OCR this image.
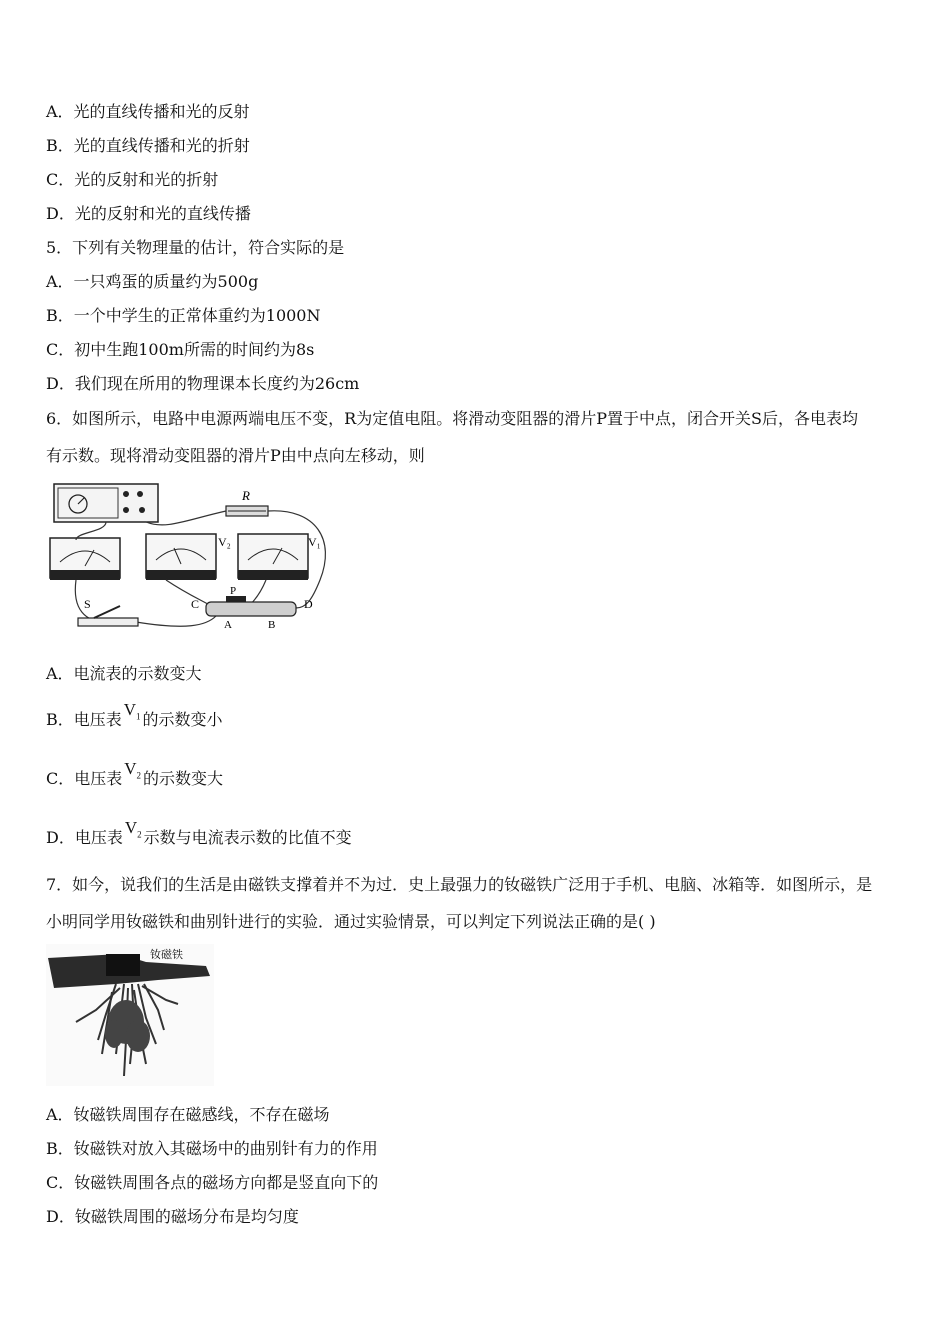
A．光的直线传播和光的反射
B．光的直线传播和光的折射
C．光的反射和光的折射
D．光的反射和光的直线传播
5．下列有关物理量的估计，符合实际的是
A．一只鸡蛋的质量约为500g
B．一个中学生的正常体重约为1000N
C．初中生跑100m所需的时间约为8s
D．我们现在所用的物理课本长度约为26cm
6．如图所示，电路中电源两端电压不变，R为定值电阻。将滑动变阻器的滑片P置于中点，闭合开关S后，各电表均
有示数。现将滑动变阻器的滑片P由中点向左移动，则
R
V₂	V₁
S	C
P
D
A	B
A．电流表的示数变大
B．电压表$V_1$ 的示数变小
C．电压表$V_2$ 的示数变大
D．电压表$V_2$ 示数与电流表示数的比值不变
7．如今，说我们的生活是由磁铁支撑着并不为过．史上最强力的钕磁铁广泛用于手机、电脑、冰箱等．如图所示，是
小明同学用钕磁铁和曲别针进行的实验．通过实验情景，可以判定下列说法正确的是( )
钕磁铁
A．钕磁铁周围存在磁感线，不存在磁场
B．钕磁铁对放入其磁场中的曲别针有力的作用
C．钕磁铁周围各点的磁场方向都是竖直向下的
D．钕磁铁周围的磁场分布是均匀度
